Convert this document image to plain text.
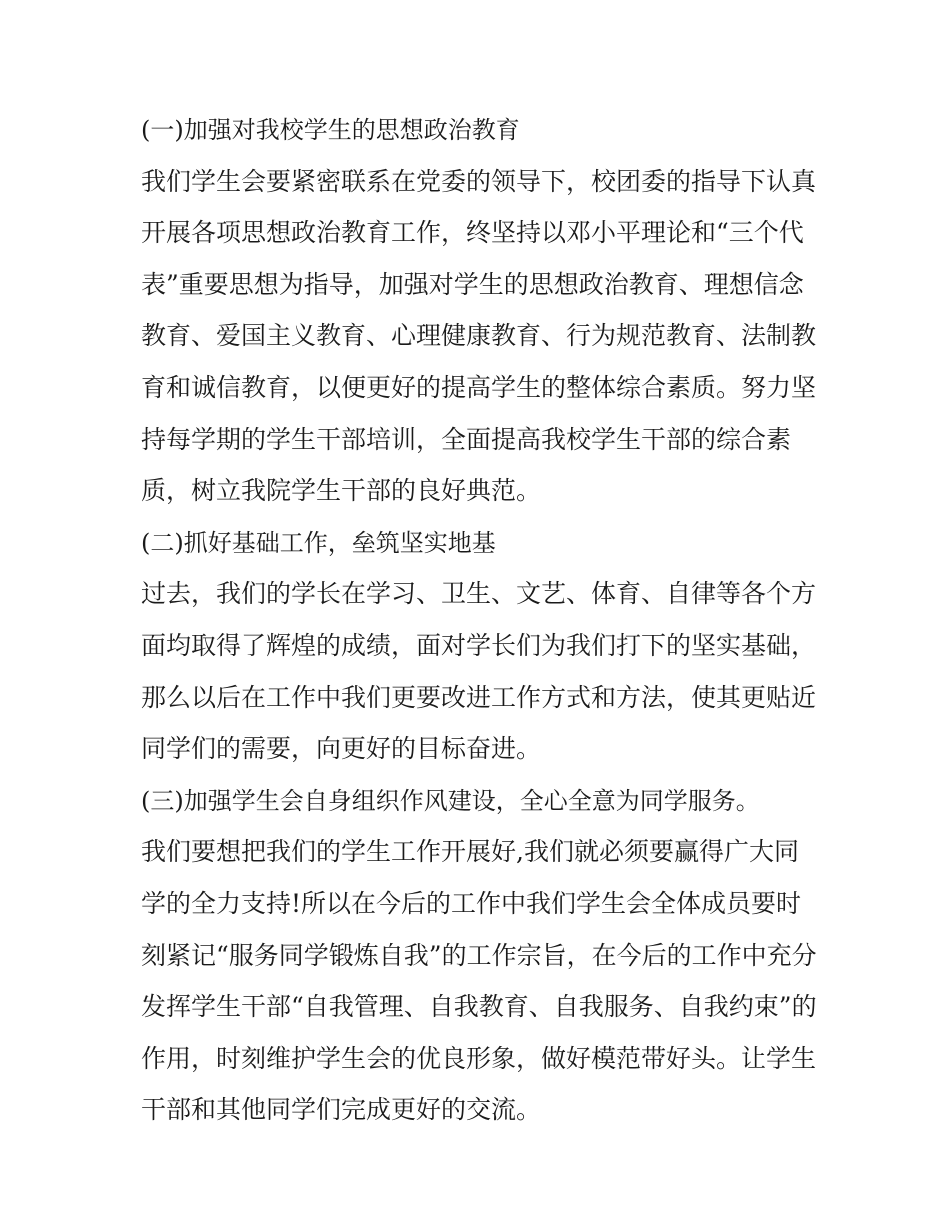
(一)加强对我校学生的思想政治教育
我们学生会要紧密联系在党委的领导下，校团委的指导下认真
开展各项思想政治教育工作，终坚持以邓小平理论和“三个代
表”重要思想为指导，加强对学生的思想政治教育、理想信念
教育、爱国主义教育、心理健康教育、行为规范教育、法制教
育和诚信教育，以便更好的提高学生的整体综合素质。努力坚
持每学期的学生干部培训，全面提高我校学生干部的综合素
质，树立我院学生干部的良好典范。
(二)抓好基础工作，垒筑坚实地基
过去，我们的学长在学习、卫生、文艺、体育、自律等各个方
面均取得了辉煌的成绩，面对学长们为我们打下的坚实基础，
那么以后在工作中我们更要改进工作方式和方法，使其更贴近
同学们的需要，向更好的目标奋进。
(三)加强学生会自身组织作风建设，全心全意为同学服务。
我们要想把我们的学生工作开展好,我们就必须要赢得广大同
学的全力支持!所以在今后的工作中我们学生会全体成员要时
刻紧记“服务同学锻炼自我”的工作宗旨，在今后的工作中充分
发挥学生干部“自我管理、自我教育、自我服务、自我约束”的
作用，时刻维护学生会的优良形象，做好模范带好头。让学生
干部和其他同学们完成更好的交流。
